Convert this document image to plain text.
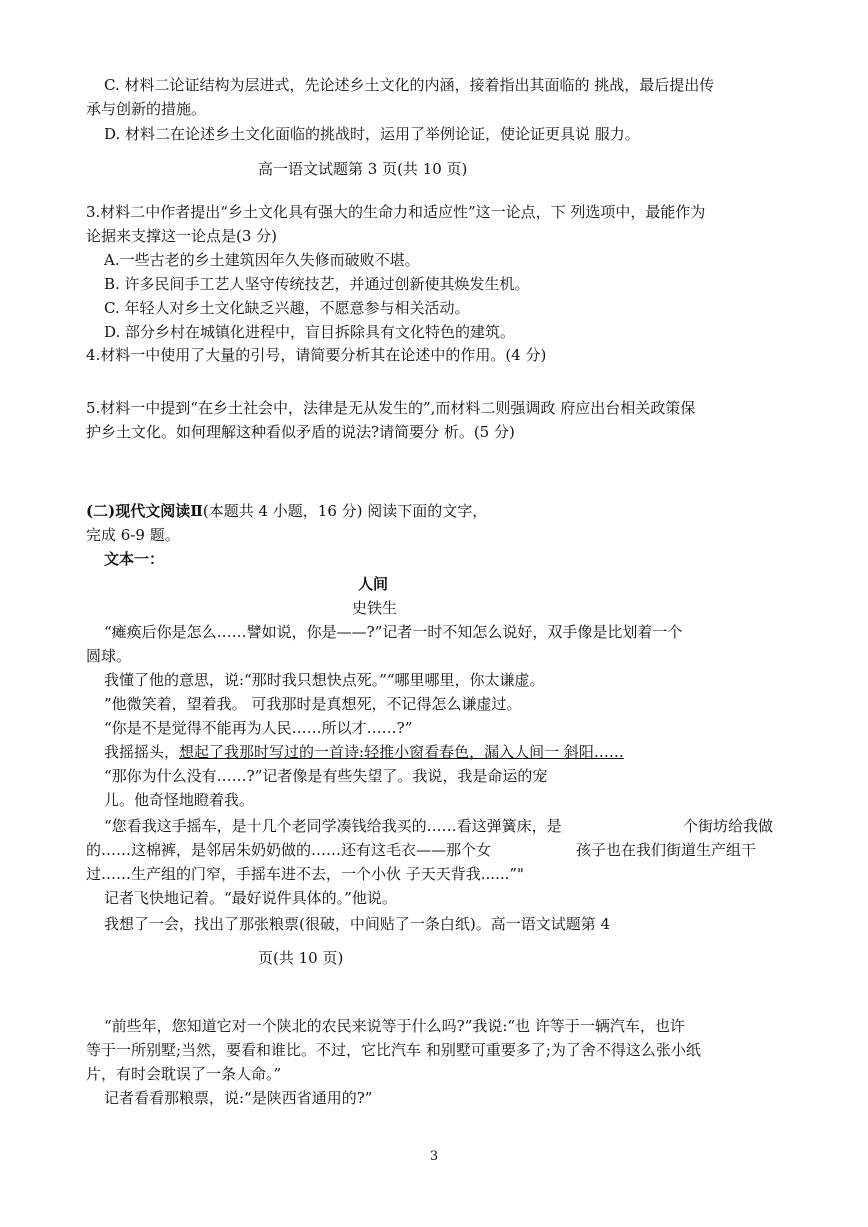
C. 材料二论证结构为层进式，先论述乡土文化的内涵，接着指出其面临的 挑战，最后提出传
承与创新的措施。
D. 材料二在论述乡土文化面临的挑战时，运用了举例论证，使论证更具说 服力。
高一语文试题第 3 页(共 10 页)
3.材料二中作者提出“乡土文化具有强大的生命力和适应性”这一论点，下 列选项中，最能作为
论据来支撑这一论点是(3 分)
A.一些古老的乡土建筑因年久失修而破败不堪。
B. 许多民间手工艺人坚守传统技艺，并通过创新使其焕发生机。
C. 年轻人对乡土文化缺乏兴趣，不愿意参与相关活动。
D. 部分乡村在城镇化进程中，盲目拆除具有文化特色的建筑。
4.材料一中使用了大量的引号，请简要分析其在论述中的作用。(4 分)
5.材料一中提到“在乡土社会中，法律是无从发生的”,而材料二则强调政 府应出台相关政策保
护乡土文化。如何理解这种看似矛盾的说法?请简要分 析。(5 分)
(二)现代文阅读Ⅱ(本题共 4 小题，16 分) 阅读下面的文字，
完成 6-9 题。
文本一：
人间
史铁生
“瘫痪后你是怎么……譬如说，你是——?”记者一时不知怎么说好，双手像是比划着一个
圆球。
我懂了他的意思，说:“那时我只想快点死。”“哪里哪里，你太谦虚。
”他微笑着，望着我。 可我那时是真想死，不记得怎么谦虚过。
“你是不是觉得不能再为人民……所以才……?”
我摇摇头，想起了我那时写过的一首诗:轻推小窗看春色，漏入人间一 斜阳……
“那你为什么没有……?”记者像是有些失望了。我说，我是命运的宠
儿。他奇怪地瞪着我。
“您看我这手摇车，是十几个老同学凑钱给我买的……看这弹簧床，是	个街坊给我做
的……这棉裤，是邻居朱奶奶做的……还有这毛衣——那个女	孩子也在我们街道生产组干
过……生产组的门窄，手摇车进不去，一个小伙 子天天背我......”"
记者飞快地记着。“最好说件具体的。”他说。
我想了一会，找出了那张粮票(很破，中间贴了一条白纸)。高一语文试题第 4
页(共 10 页)
“前些年，您知道它对一个陕北的农民来说等于什么吗?”我说:“也 许等于一辆汽车，也许
等于一所别墅;当然，要看和谁比。不过，它比汽车 和别墅可重要多了;为了舍不得这么张小纸
片，有时会耽误了一条人命。”
记者看看那粮票，说:“是陕西省通用的?”
3
